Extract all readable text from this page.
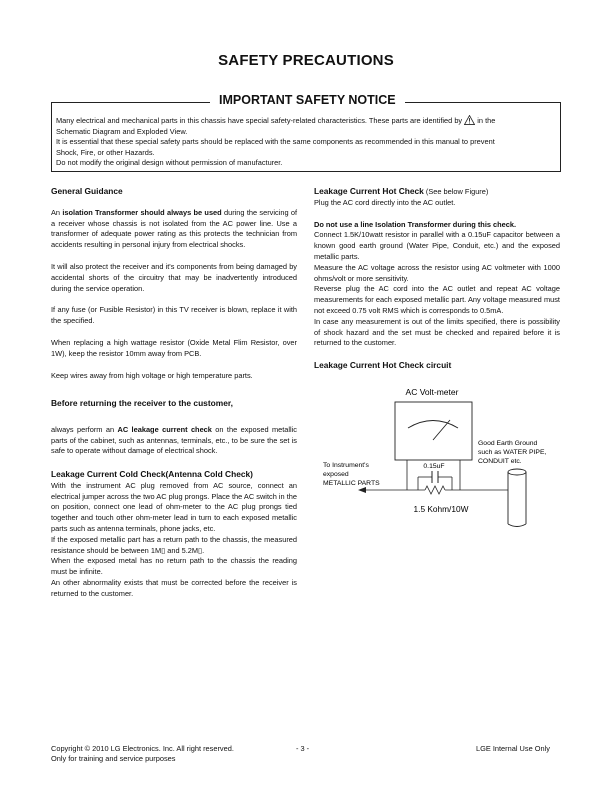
SAFETY PRECAUTIONS
IMPORTANT SAFETY NOTICE
Many electrical and mechanical parts in this chassis have special safety-related characteristics. These parts are identified by in the
Schematic Diagram and Exploded View.
It is essential that these special safety parts should be replaced with the same components as recommended in this manual to prevent
Shock, Fire, or other Hazards.
Do not modify the original design without permission of manufacturer.
General Guidance

An isolation Transformer should always be used during the servicing of a receiver whose chassis is not isolated from the AC power line. Use a transformer of adequate power rating as this protects the technician from accidents resulting in personal injury from electrical shocks.

It will also protect the receiver and it's components from being damaged by accidental shorts of the circuitry that may be inadvertently introduced during the service operation.

If any fuse (or Fusible Resistor) in this TV receiver is blown, replace it with the specified.

When replacing a high wattage resistor (Oxide Metal Flim Resistor, over 1W), keep the resistor 10mm away from PCB.

Keep wires away from high voltage or high temperature parts.

Before returning the receiver to the customer,

always perform an AC leakage current check on the exposed metallic parts of the cabinet, such as antennas, terminals, etc., to be sure the set is safe to operate without damage of electrical shock.

Leakage Current Cold Check(Antenna Cold Check)

With the instrument AC plug removed from AC source, connect an electrical jumper across the two AC plug prongs. Place the AC switch in the on position, connect one lead of ohm-meter to the AC plug prongs tied together and touch other ohm-meter lead in turn to each exposed metallic parts such as antenna terminals, phone jacks, etc.

If the exposed metallic part has a return path to the chassis, the measured resistance should be between 1M▯ and 5.2M▯.

When the exposed metal has no return path to the chassis the reading must be infinite.

An other abnormality exists that must be corrected before the receiver is returned to the customer.

Leakage Current Hot Check (See below Figure)

Plug the AC cord directly into the AC outlet.

Do not use a line Isolation Transformer during this check.

Connect 1.5K/10watt resistor in parallel with a 0.15uF capacitor between a known good earth ground (Water Pipe, Conduit, etc.) and the exposed metallic parts.

Measure the AC voltage across the resistor using AC voltmeter with 1000 ohms/volt or more sensitivity.

Reverse plug the AC cord into the AC outlet and repeat AC voltage measurements for each exposed metallic part. Any voltage measured must not exceed 0.75 volt RMS which is corresponds to 0.5mA.

In case any measurement is out of the limits specified, there is possibility of shock hazard and the set must be checked and repaired before it is returned to the customer.

Leakage Current Hot Check circuit
AC Volt-meter
0.15uF
1.5 Kohm/10W
To Instrument's exposed METALLIC PARTS
Good Earth Ground such as WATER PIPE, CONDUIT etc.
Copyright © 2010 LG Electronics. Inc. All right reserved.
Only for training and service purposes
- 3 -	LGE Internal Use Only
